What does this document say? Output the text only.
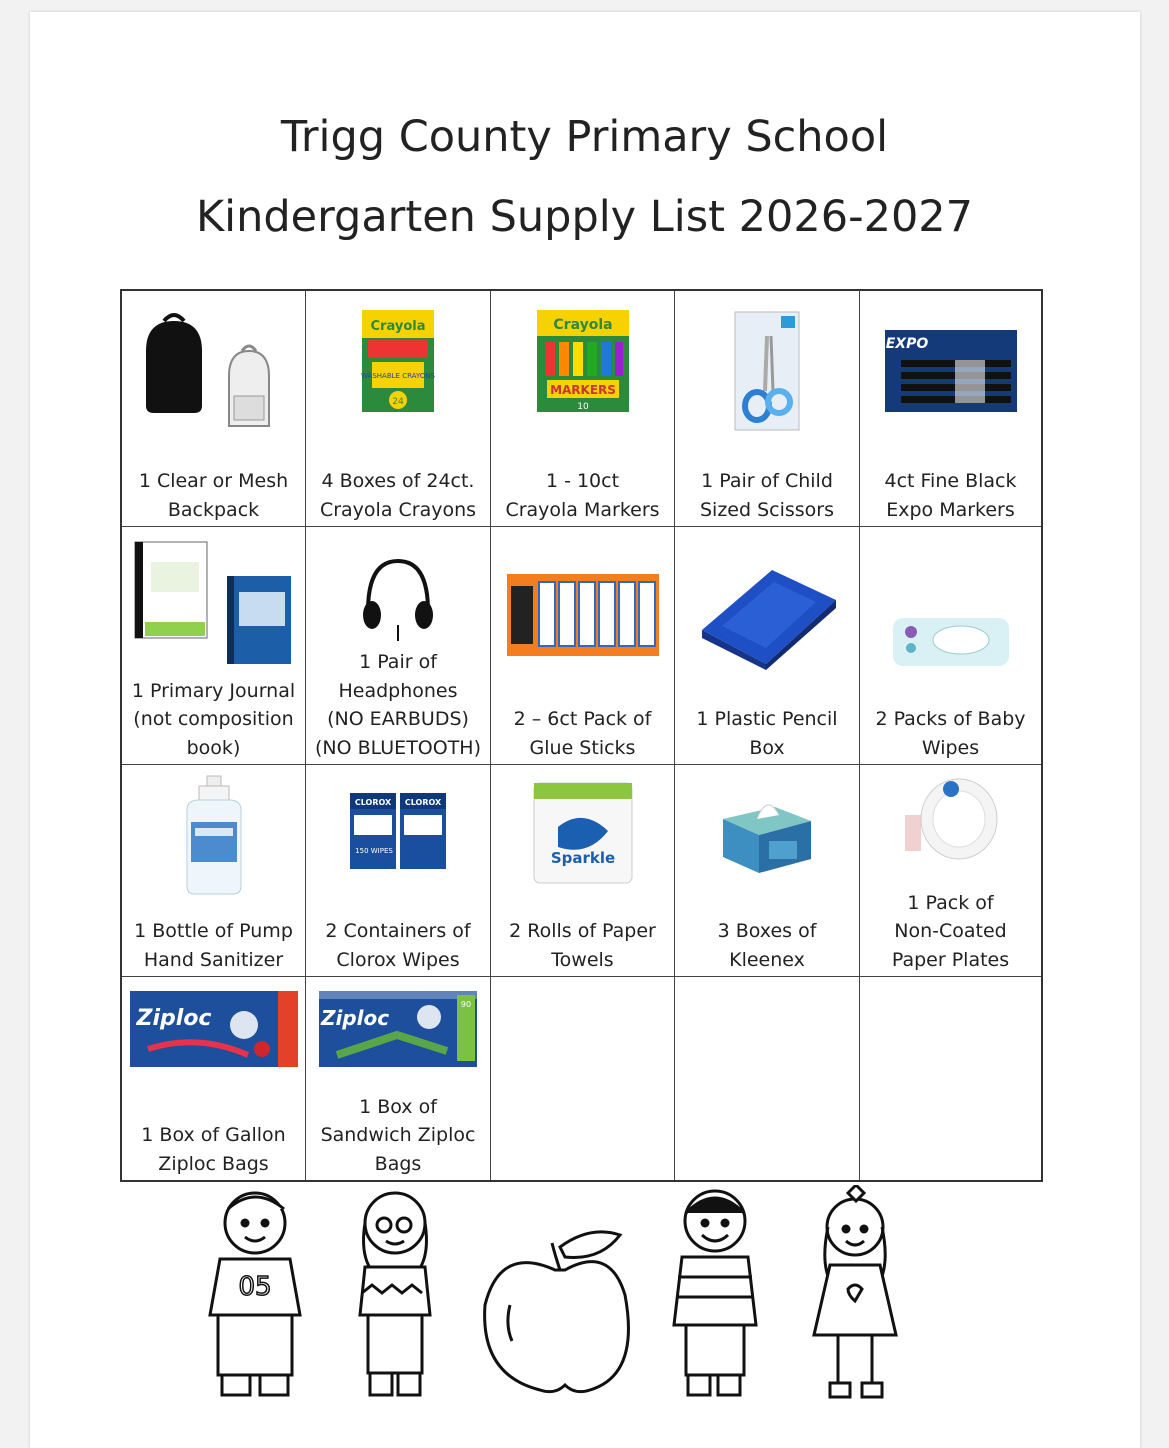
Trigg County Primary School
Kindergarten Supply List 2026-2027
1 Clear or Mesh
Backpack
Crayola
WASHABLE CRAYONS
24
4 Boxes of 24ct.
Crayola Crayons
Crayola
MARKERS
10
1 - 10ct
Crayola Markers
1 Pair of Child
Sized Scissors
EXPO
4ct Fine Black
Expo Markers
1 Primary Journal
(not composition
book)
1 Pair of
Headphones
(NO EARBUDS)
(NO BLUETOOTH)
2 – 6ct Pack of
Glue Sticks
1 Plastic Pencil
Box
2 Packs of Baby
Wipes
1 Bottle of Pump
Hand Sanitizer
CLOROX CLOROX
150 WIPES
2 Containers of
Clorox Wipes
Sparkle
2 Rolls of Paper
Towels
3 Boxes of
Kleenex
1 Pack of
Non-Coated
Paper Plates
Ziploc
1 Box of Gallon
Ziploc Bags
Ziploc
90
1 Box of
Sandwich Ziploc
Bags
05
